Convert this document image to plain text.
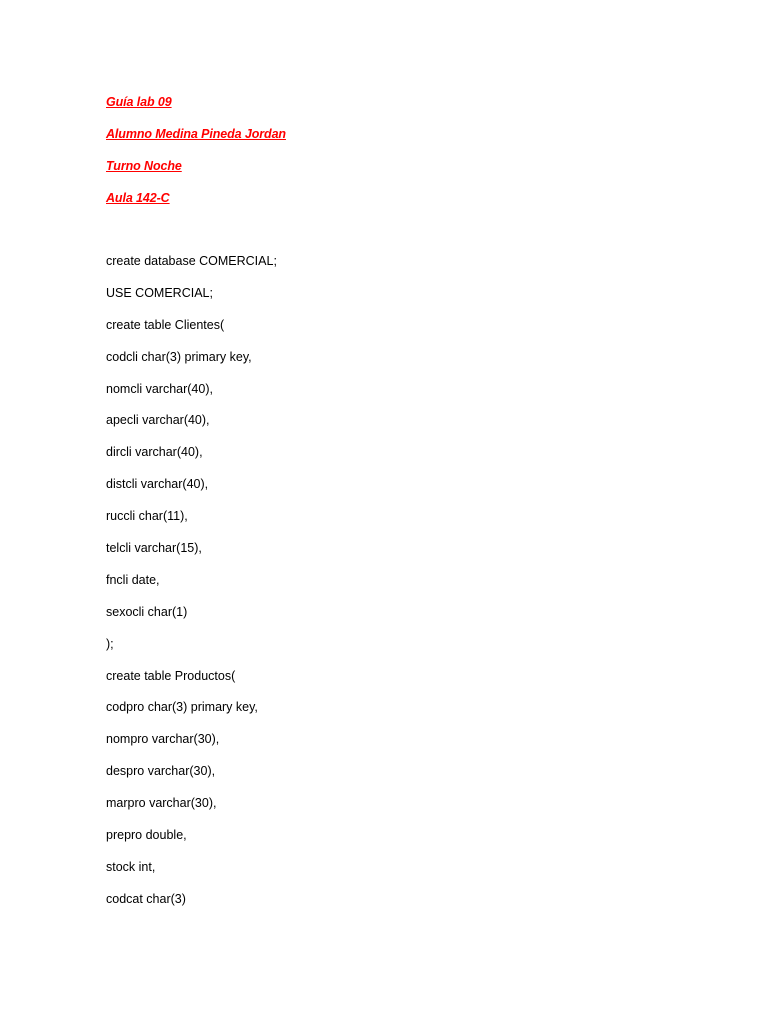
Guía lab 09
Alumno Medina Pineda Jordan
Turno Noche
Aula 142-C
create database COMERCIAL;
USE COMERCIAL;
create table Clientes(
codcli char(3) primary key,
nomcli varchar(40),
apecli varchar(40),
dircli varchar(40),
distcli varchar(40),
ruccli char(11),
telcli varchar(15),
fncli date,
sexocli char(1)
);
create table Productos(
codpro char(3) primary key,
nompro varchar(30),
despro varchar(30),
marpro varchar(30),
prepro double,
stock int,
codcat char(3)
